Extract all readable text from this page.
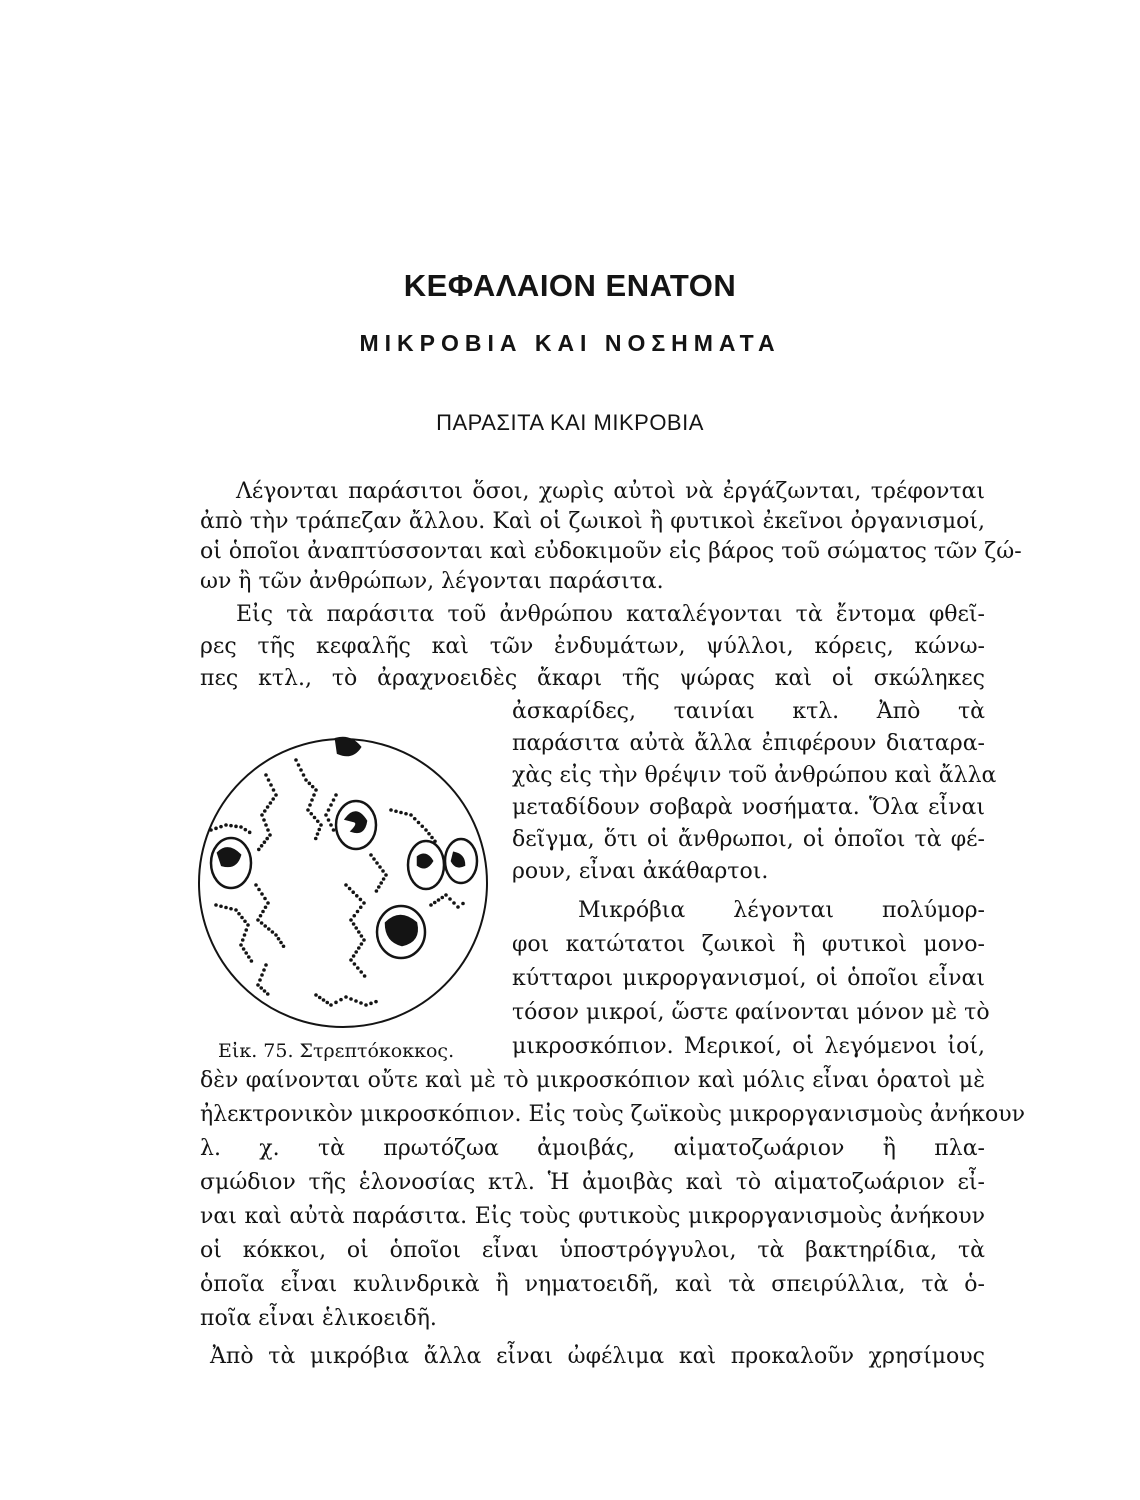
ΚΕΦΑΛΑΙΟΝ ΕΝΑΤΟΝ
ΜΙΚΡΟΒΙΑ ΚΑΙ ΝΟΣΗΜΑΤΑ
ΠΑΡΑΣΙΤΑ ΚΑΙ ΜΙΚΡΟΒΙΑ
Λέγονται παράσιτοι ὅσοι, χωρὶς αὐτοὶ νὰ ἐργάζωνται, τρέφονται
ἀπὸ τὴν τράπεζαν ἄλλου. Καὶ οἱ ζωικοὶ ἢ φυτικοὶ ἐκεῖνοι ὀργανισμοί,
οἱ ὁποῖοι ἀναπτύσσονται καὶ εὐδοκιμοῦν εἰς βάρος τοῦ σώματος τῶν ζώ-
ων ἢ τῶν ἀνθρώπων, λέγονται παράσιτα.
Εἰς τὰ παράσιτα τοῦ ἀνθρώπου καταλέγονται τὰ ἔντομα φθεῖ-
ρες τῆς κεφαλῆς καὶ τῶν ἐνδυμάτων, ψύλλοι, κόρεις, κώνω-
πες κτλ., τὸ ἀραχνοειδὲς ἄκαρι τῆς ψώρας καὶ οἱ σκώληκες
ἀσκαρίδες, ταινίαι κτλ. Ἀπὸ τὰ
παράσιτα αὐτὰ ἄλλα ἐπιφέρουν διαταρα-
χὰς εἰς τὴν θρέψιν τοῦ ἀνθρώπου καὶ ἄλλα
μεταδίδουν σοβαρὰ νοσήματα. Ὅλα εἶναι
δεῖγμα, ὅτι οἱ ἄνθρωποι, οἱ ὁποῖοι τὰ φέ-
ρουν, εἶναι ἀκάθαρτοι.
Μικρόβια λέγονται πολύμορ-
φοι κατώτατοι ζωικοὶ ἢ φυτικοὶ μονο-
κύτταροι μικροργανισμοί, οἱ ὁποῖοι εἶναι
τόσον μικροί, ὥστε φαίνονται μόνον μὲ τὸ
μικροσκόπιον. Μερικοί, οἱ λεγόμενοι ἰοί,
δὲν φαίνονται οὔτε καὶ μὲ τὸ μικροσκόπιον καὶ μόλις εἶναι ὁρατοὶ μὲ
ἠλεκτρονικὸν μικροσκόπιον. Εἰς τοὺς ζωϊκοὺς μικροργανισμοὺς ἀνήκουν
λ. χ. τὰ πρωτόζωα ἀμοιβάς, αἱματοζωάριον ἢ πλα-
σμώδιον τῆς ἑλονοσίας κτλ. Ἡ ἀμοιβὰς καὶ τὸ αἱματοζωάριον εἶ-
ναι καὶ αὐτὰ παράσιτα. Εἰς τοὺς φυτικοὺς μικροργανισμοὺς ἀνήκουν
οἱ κόκκοι, οἱ ὁποῖοι εἶναι ὑποστρόγγυλοι, τὰ βακτηρίδια, τὰ
ὁποῖα εἶναι κυλινδρικὰ ἢ νηματοειδῆ, καὶ τὰ σπειρύλλια, τὰ ὁ-
ποῖα εἶναι ἑλικοειδῆ.
Ἀπὸ τὰ μικρόβια ἄλλα εἶναι ὠφέλιμα καὶ προκαλοῦν χρησίμους
Εἰκ. 75. Στρεπτόκοκκος.
